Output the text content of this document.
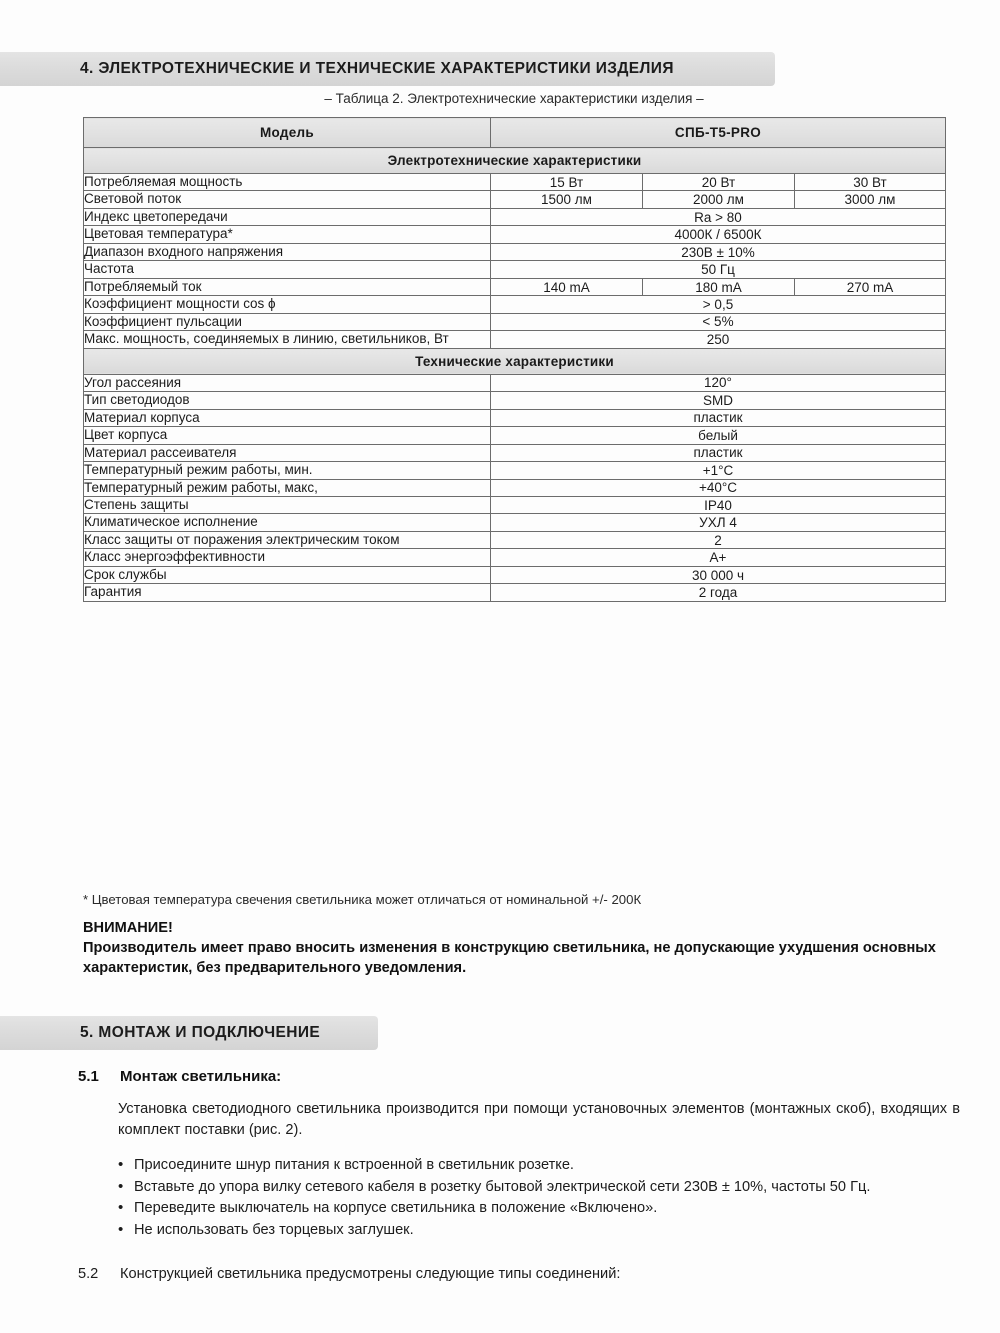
4. ЭЛЕКТРОТЕХНИЧЕСКИЕ И ТЕХНИЧЕСКИЕ ХАРАКТЕРИСТИКИ ИЗДЕЛИЯ
– Таблица 2. Электротехнические характеристики изделия –
Модель	СПБ-Т5-PRO		
Электротехнические характеристики			
Потребляемая мощность	15 Вт	20 Вт	30 Вт
Световой поток	1500 лм	2000 лм	3000 лм
Индекс цветопередачи	Ra > 80		
Цветовая температура*	4000К / 6500К		
Диапазон входного напряжения	230В ± 10%		
Частота	50 Гц		
Потребляемый ток	140 mA	180 mA	270 mA
Коэффициент мощности cos ϕ	> 0,5		
Коэффициент пульсации	< 5%		
Макс. мощность, соединяемых в линию, светильников, Вт	250		
Технические характеристики			
Угол рассеяния	120°		
Тип светодиодов	SMD		
Материал корпуса	пластик		
Цвет корпуса	белый		
Материал рассеивателя	пластик		
Температурный режим работы, мин.	+1°С		
Температурный режим работы, макс,	+40°С		
Степень защиты	IP40		
Климатическое исполнение	УХЛ 4		
Класс защиты от поражения электрическим током	2		
Класс энергоэффективности	A+		
Срок службы	30 000 ч		
Гарантия	2 года		
* Цветовая температура свечения светильника может отличаться от номинальной +/- 200К
ВНИМАНИЕ!
Производитель имеет право вносить изменения в конструкцию светильника, не допускающие ухудшения основных характеристик, без предварительного уведомления.
5. МОНТАЖ И ПОДКЛЮЧЕНИЕ
5.1 Монтаж светильника:
Установка светодиодного светильника производится при помощи установочных элементов (монтажных скоб), входящих в комплект поставки (рис. 2).
• Присоедините шнур питания к встроенной в светильник розетке.
• Вставьте до упора вилку сетевого кабеля в розетку бытовой электрической сети 230В ± 10%, частоты 50 Гц.
• Переведите выключатель на корпусе светильника в положение «Включено».
• Не использовать без торцевых заглушек.
5.2 Конструкцией светильника предусмотрены следующие типы соединений:
